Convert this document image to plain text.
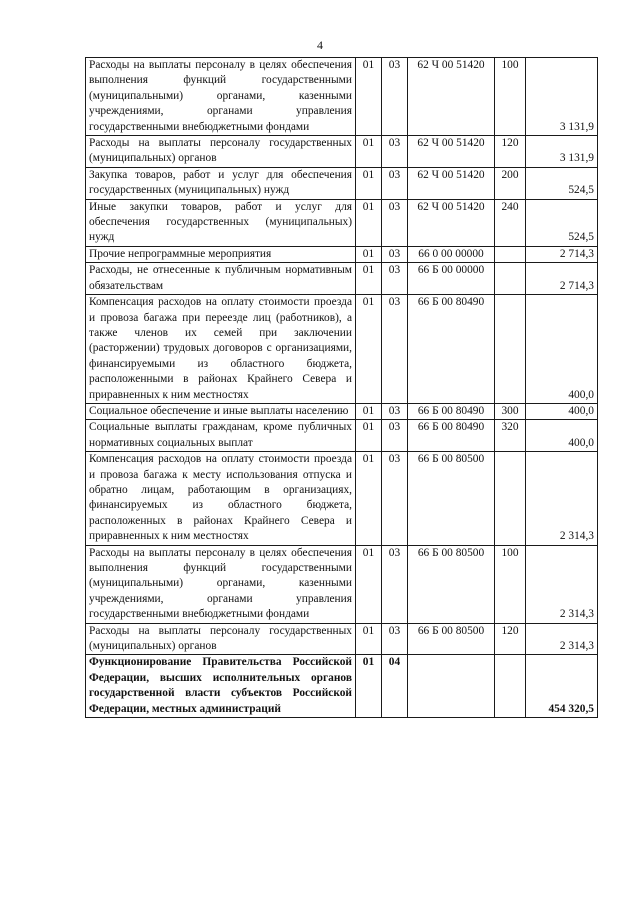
4
Расходы на выплаты персоналу в целях обеспечения выполнения функций государственными (муниципальными) органами, казенными учреждениями, органами управления государственными внебюджетными фондами	01	03	62 Ч 00 51420	100	3 131,9
Расходы на выплаты персоналу государственных (муниципальных) органов	01	03	62 Ч 00 51420	120	3 131,9
Закупка товаров, работ и услуг для обеспечения государственных (муниципальных) нужд	01	03	62 Ч 00 51420	200	524,5
Иные закупки товаров, работ и услуг для обеспечения государственных (муниципальных) нужд	01	03	62 Ч 00 51420	240	524,5
Прочие непрограммные мероприятия	01	03	66 0 00 00000		2 714,3
Расходы, не отнесенные к публичным нормативным обязательствам	01	03	66 Б 00 00000		2 714,3
Компенсация расходов на оплату стоимости проезда и провоза багажа при переезде лиц (работников), а также членов их семей при заключении (расторжении) трудовых договоров с организациями, финансируемыми из областного бюджета, расположенными в районах Крайнего Севера и приравненных к ним местностях	01	03	66 Б 00 80490		400,0
Социальное обеспечение и иные выплаты населению	01	03	66 Б 00 80490	300	400,0
Социальные выплаты гражданам, кроме публичных нормативных социальных выплат	01	03	66 Б 00 80490	320	400,0
Компенсация расходов на оплату стоимости проезда и провоза багажа к месту использования отпуска и обратно лицам, работающим в организациях, финансируемых из областного бюджета, расположенных в районах Крайнего Севера и приравненных к ним местностях	01	03	66 Б 00 80500		2 314,3
Расходы на выплаты персоналу в целях обеспечения выполнения функций государственными (муниципальными) органами, казенными учреждениями, органами управления государственными внебюджетными фондами	01	03	66 Б 00 80500	100	2 314,3
Расходы на выплаты персоналу государственных (муниципальных) органов	01	03	66 Б 00 80500	120	2 314,3
Функционирование Правительства Российской Федерации, высших исполнительных органов государственной власти субъектов Российской Федерации, местных администраций	01	04			454 320,5
